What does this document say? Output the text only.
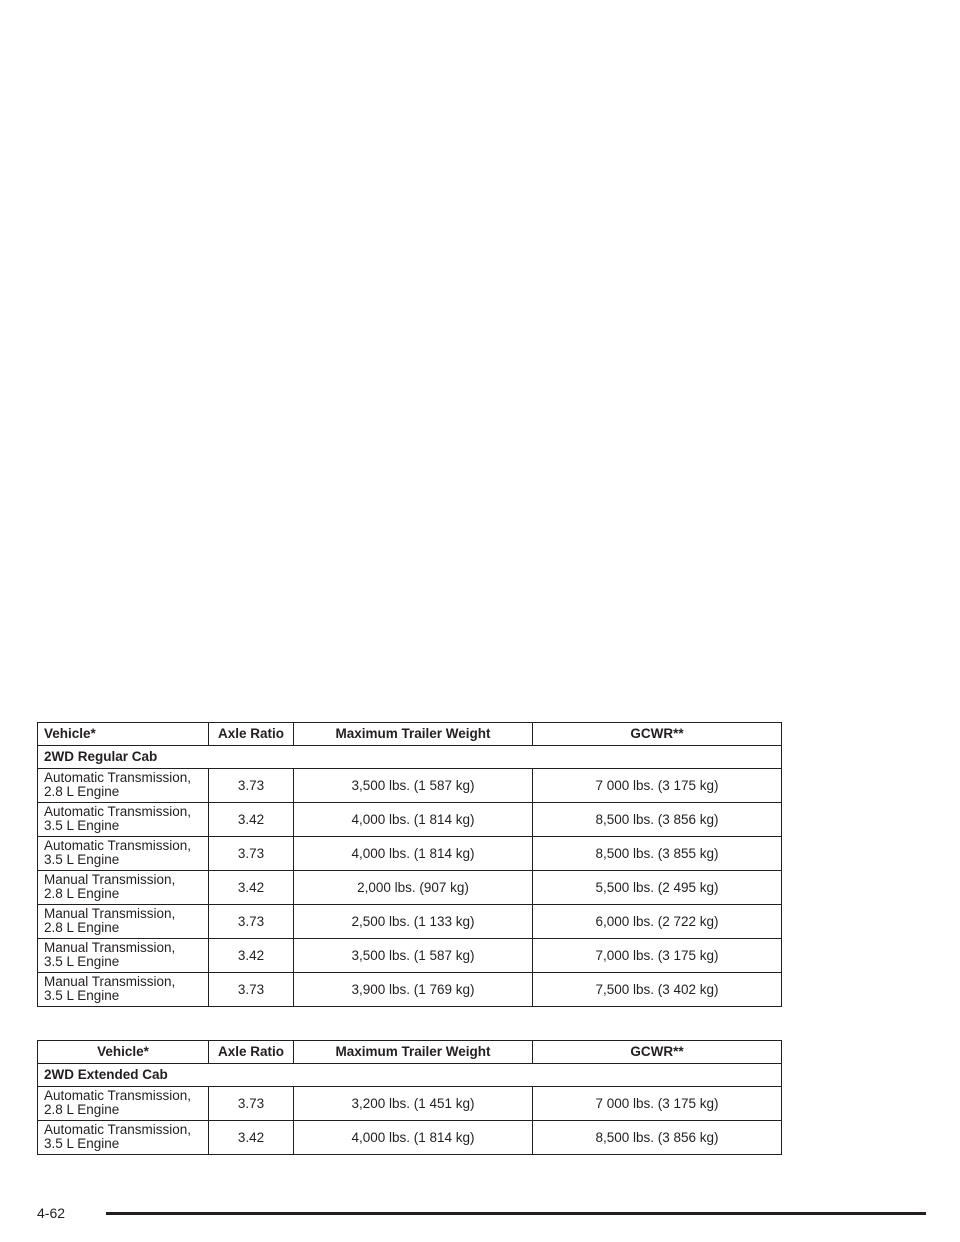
Vehicle*	Axle Ratio	Maximum Trailer Weight	GCWR**
2WD Regular Cab			
Automatic Transmission,
2.8 L Engine	3.73	3,500 lbs. (1 587 kg)	7 000 lbs. (3 175 kg)
Automatic Transmission,
3.5 L Engine	3.42	4,000 lbs. (1 814 kg)	8,500 lbs. (3 856 kg)
Automatic Transmission,
3.5 L Engine	3.73	4,000 lbs. (1 814 kg)	8,500 lbs. (3 855 kg)
Manual Transmission,
2.8 L Engine	3.42	2,000 lbs. (907 kg)	5,500 lbs. (2 495 kg)
Manual Transmission,
2.8 L Engine	3.73	2,500 lbs. (1 133 kg)	6,000 lbs. (2 722 kg)
Manual Transmission,
3.5 L Engine	3.42	3,500 lbs. (1 587 kg)	7,000 lbs. (3 175 kg)
Manual Transmission,
3.5 L Engine	3.73	3,900 lbs. (1 769 kg)	7,500 lbs. (3 402 kg)
Vehicle*	Axle Ratio	Maximum Trailer Weight	GCWR**
2WD Extended Cab			
Automatic Transmission,
2.8 L Engine	3.73	3,200 lbs. (1 451 kg)	7 000 lbs. (3 175 kg)
Automatic Transmission,
3.5 L Engine	3.42	4,000 lbs. (1 814 kg)	8,500 lbs. (3 856 kg)
4-62
